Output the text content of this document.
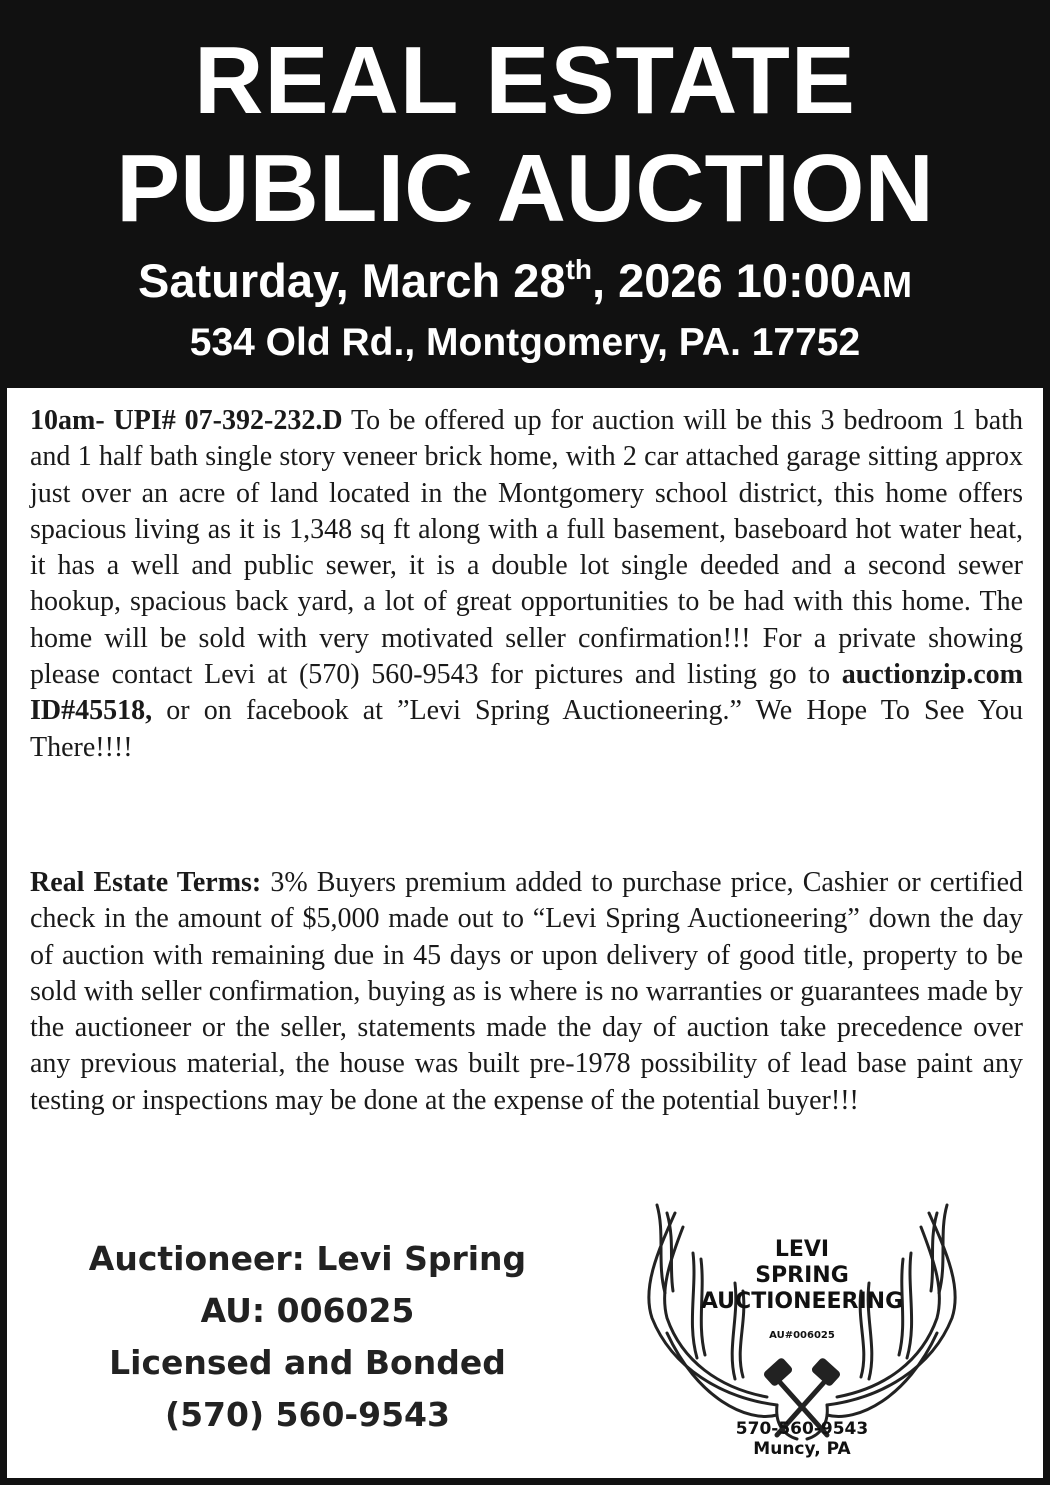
REAL ESTATE
PUBLIC AUCTION
Saturday, March 28th, 2026 10:00AM
534 Old Rd., Montgomery, PA. 17752

10am- UPI# 07-392-232.D To be offered up for auction will be this 3 bedroom 1 bath and 1 half bath single story veneer brick home, with 2 car attached garage sitting approx just over an acre of land located in the Montgomery school district, this home offers spacious living as it is 1,348 sq ft along with a full basement, baseboard hot water heat, it has a well and public sewer, it is a double lot single deeded and a second sewer hookup, spacious back yard, a lot of great opportunities to be had with this home. The home will be sold with very motivated seller confirmation!!! For a private showing please contact Levi at (570) 560-9543 for pictures and listing go to auctionzip.com ID#45518, or on facebook at ”Levi Spring Auctioneering.” We Hope To See You There!!!!

Real Estate Terms: 3% Buyers premium added to purchase price, Cashier or certified check in the amount of $5,000 made out to “Levi Spring Auctioneering” down the day of auction with remaining due in 45 days or upon delivery of good title, property to be sold with seller confirmation, buying as is where is no warranties or guarantees made by the auctioneer or the seller, statements made the day of auction take precedence over any previous material, the house was built pre-1978 possibility of lead base paint any testing or inspections may be done at the expense of the potential buyer!!!

Auctioneer: Levi Spring
AU: 006025
Licensed and Bonded
(570) 560-9543
LEVI
SPRING
AUCTIONEERING
AU#006025
570-560-9543
Muncy, PA
